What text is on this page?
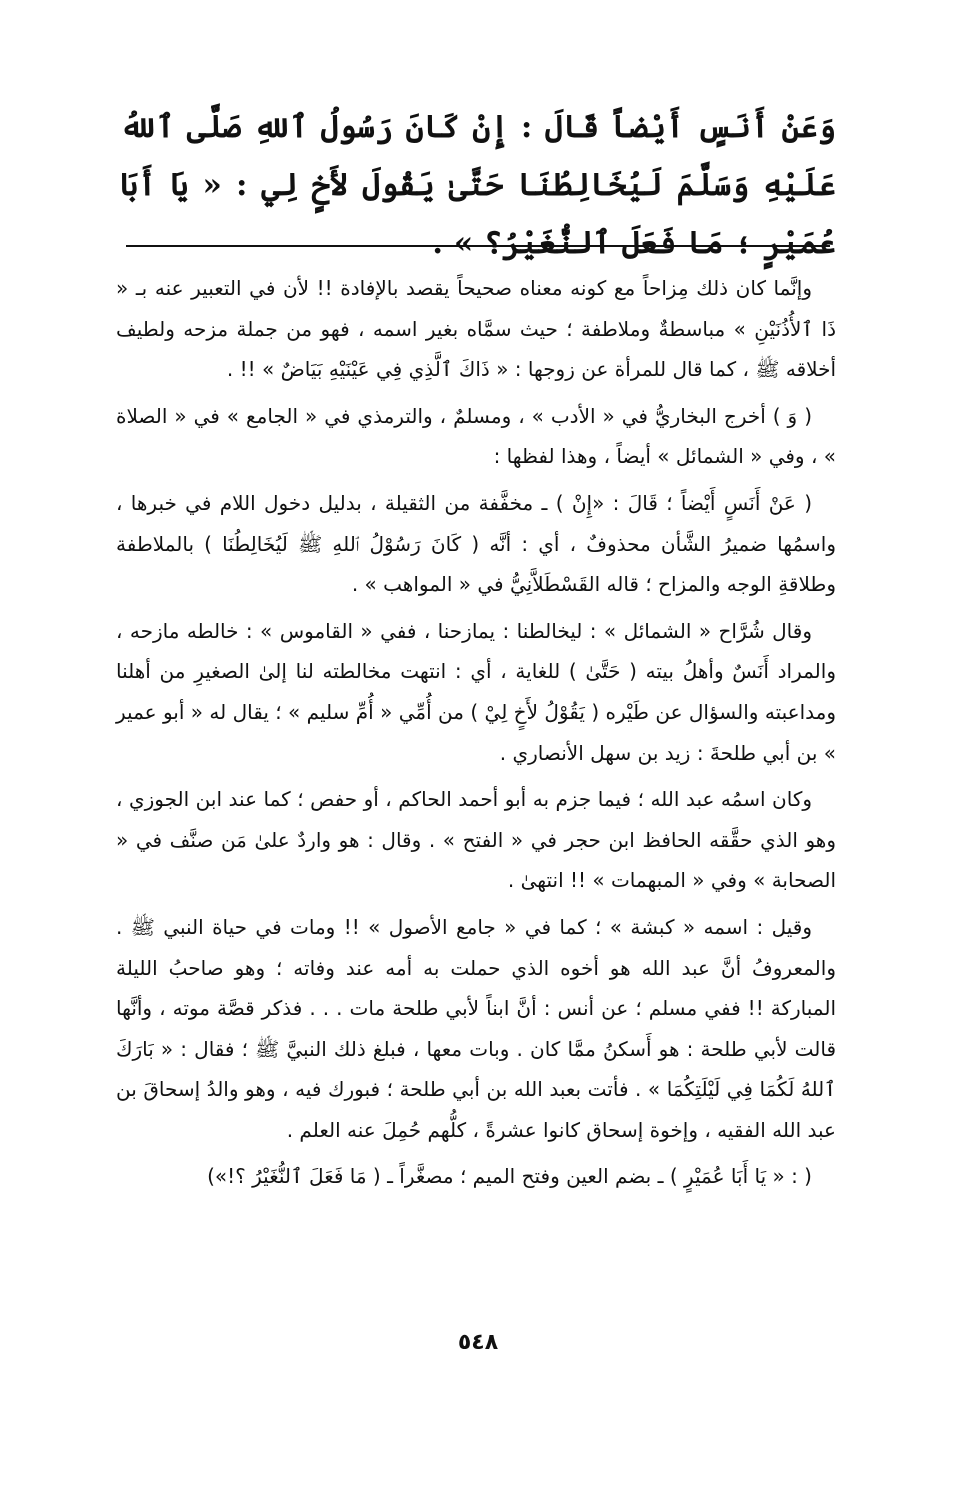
وَعَنْ أَنَسٍ أَيْضاً قَالَ : إِنْ كَانَ رَسُولُ ٱللهِ صَلَّى ٱللهُ عَلَيْهِ وَسَلَّمَ لَيُخَالِطُنَا حَتَّىٰ يَقُولَ لأَخٍ لِي : « يَا أَبَا عُمَيْرٍ ؛ مَا فَعَلَ ٱلنُّغَيْرُ؟ » .

وإنَّما كان ذلك مِزاحاً مع كونه معناه صحيحاً يقصد بالإفادة !! لأن في التعبير عنه بـ « ذَا ٱلأُذُنَيْنِ » مباسطةٌ وملاطفة ؛ حيث سمَّاه بغير اسمه ، فهو من جملة مزحه ولطيف أخلاقه ﷺ ، كما قال للمرأة عن زوجها : « ذَاكَ ٱلَّذِي فِي عَيْنَيْهِ بَيَاضٌ » !! .

( وَ ) أخرج البخاريُّ في « الأدب » ، ومسلمٌ ، والترمذي في « الجامع » في « الصلاة » ، وفي « الشمائل » أيضاً ، وهذا لفظها :

( عَنْ أَنَسٍ أَيْضاً ؛ قَالَ : «إِنْ ) ـ مخفَّفة من الثقيلة ، بدليل دخول اللام في خبرها ، واسمُها ضميرُ الشَّأن محذوفٌ ، أي : أنَّه ( كَانَ رَسُوْلُ ٱللهِ ﷺ لَيُخَالِطُنَا ) بالملاطفة وطلاقةِ الوجه والمزاح ؛ قاله القَسْطَلاَّنِيُّ في « المواهب » .

وقال شُرَّاح « الشمائل » : ليخالطنا : يمازحنا ، ففي « القاموس » : خالطه مازحه ، والمراد أَنَسٌ وأهلُ بيته ( حَتَّىٰ ) للغاية ، أي : انتهت مخالطته لنا إلىٰ الصغيرِ من أهلنا ومداعبته والسؤال عن طَيْره ( يَقُوْلُ لأَخٍ لِيْ ) من أُمِّي « أُمِّ سليم » ؛ يقال له « أبو عمير » بن أبي طلحةَ : زيد بن سهل الأنصاري .

وكان اسمُه عبد الله ؛ فيما جزم به أبو أحمد الحاكم ، أو حفص ؛ كما عند ابن الجوزي ، وهو الذي حقَّقه الحافظ ابن حجر في « الفتح » . وقال : هو واردٌ علىٰ مَن صنَّف في « الصحابة » وفي « المبهمات » !! انتهىٰ .

وقيل : اسمه « كبشة » ؛ كما في « جامع الأصول » !! ومات في حياة النبي ﷺ . والمعروفُ أنَّ عبد الله هو أخوه الذي حملت به أمه عند وفاته ؛ وهو صاحبُ الليلة المباركة !! ففي مسلم ؛ عن أنس : أنَّ ابناً لأبي طلحة مات . . . فذكر قصَّة موته ، وأنَّها قالت لأبي طلحة : هو أَسكنُ ممَّا كان . وبات معها ، فبلغ ذلك النبيَّ ﷺ ؛ فقال : « بَارَكَ ٱللهُ لَكُمَا فِي لَيْلَتِكُمَا » . فأتت بعبد الله بن أبي طلحة ؛ فبورك فيه ، وهو والدُ إسحاقَ بن عبد الله الفقيه ، وإخوة إسحاق كانوا عشرةً ، كلُّهم حُمِلَ عنه العلم .

( : « يَا أَبَا عُمَيْرٍ ) ـ بضم العين وفتح الميم ؛ مصغَّراً ـ ( مَا فَعَلَ ٱلنُّغَيْرُ ؟!»)

٥٤٨
